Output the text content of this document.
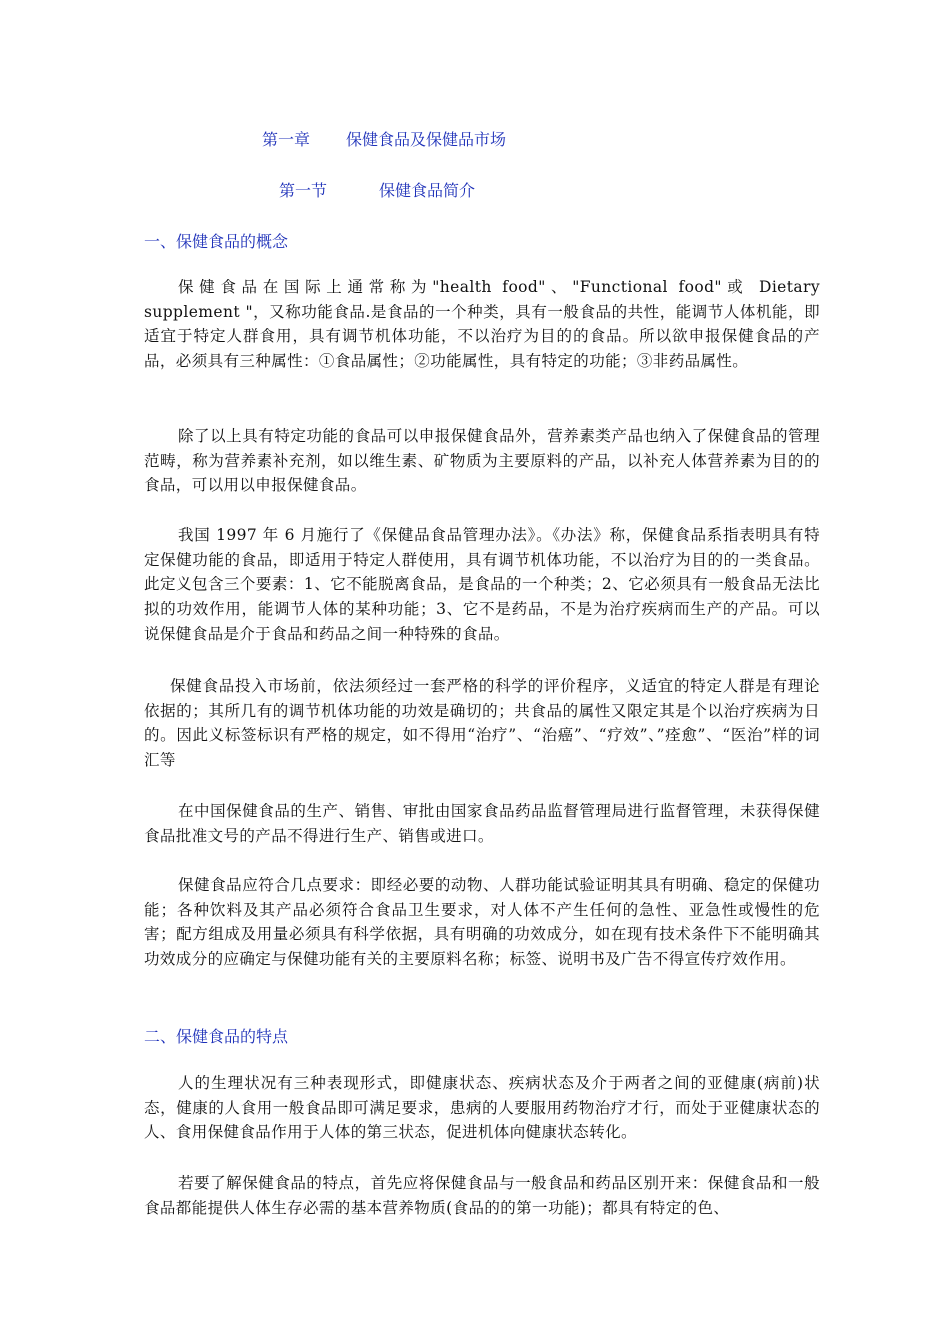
第一章 保健食品及保健品市场
第一节	保健食品简介
一、保健食品的概念

保健食品在国际上通常称为"health food"、"Functional food"或 Dietary supplement "，又称功能食品.是食品的一个种类，具有一般食品的共性，能调节人体机能，即适宜于特定人群食用，具有调节机体功能，不以治疗为目的的食品。所以欲申报保健食品的产品，必须具有三种属性：①食品属性；②功能属性，具有特定的功能；③非药品属性。

除了以上具有特定功能的食品可以申报保健食品外，营养素类产品也纳入了保健食品的管理范畴，称为营养素补充剂，如以维生素、矿物质为主要原料的产品，以补充人体营养素为目的的食品，可以用以申报保健食品。

我国 1997 年 6 月施行了《保健品食品管理办法》。《办法》称，保健食品系指表明具有特定保健功能的食品，即适用于特定人群使用，具有调节机体功能，不以治疗为目的的一类食品。此定义包含三个要素：1、它不能脱离食品，是食品的一个种类；2、它必须具有一般食品无法比拟的功效作用，能调节人体的某种功能；3、它不是药品，不是为治疗疾病而生产的产品。可以说保健食品是介于食品和药品之间一种特殊的食品。

保健食品投入市场前，依法须经过一套严格的科学的评价程序，义适宜的特定人群是有理论依据的；其所几有的调节机体功能的功效是确切的；共食品的属性又限定其是个以治疗疾病为日的。因此义标签标识有严格的规定，如不得用“治疗”、“治癌”、“疗效”、”痊愈”、“医治”样的词汇等

在中国保健食品的生产、销售、审批由国家食品药品监督管理局进行监督管理，未获得保健食品批准文号的产品不得进行生产、销售或进口。

保健食品应符合几点要求：即经必要的动物、人群功能试验证明其具有明确、稳定的保健功能；各种饮料及其产品必须符合食品卫生要求，对人体不产生任何的急性、亚急性或慢性的危害；配方组成及用量必须具有科学依据，具有明确的功效成分，如在现有技术条件下不能明确其功效成分的应确定与保健功能有关的主要原料名称；标签、说明书及广告不得宣传疗效作用。

二、保健食品的特点

人的生理状况有三种表现形式，即健康状态、疾病状态及介于两者之间的亚健康(病前)状态，健康的人食用一般食品即可满足要求，患病的人要服用药物治疗才行，而处于亚健康状态的人、食用保健食品作用于人体的第三状态，促进机体向健康状态转化。

若要了解保健食品的特点，首先应将保健食品与一般食品和药品区别开来：保健食品和一般食品都能提供人体生存必需的基本营养物质(食品的的第一功能)；都具有特定的色、
